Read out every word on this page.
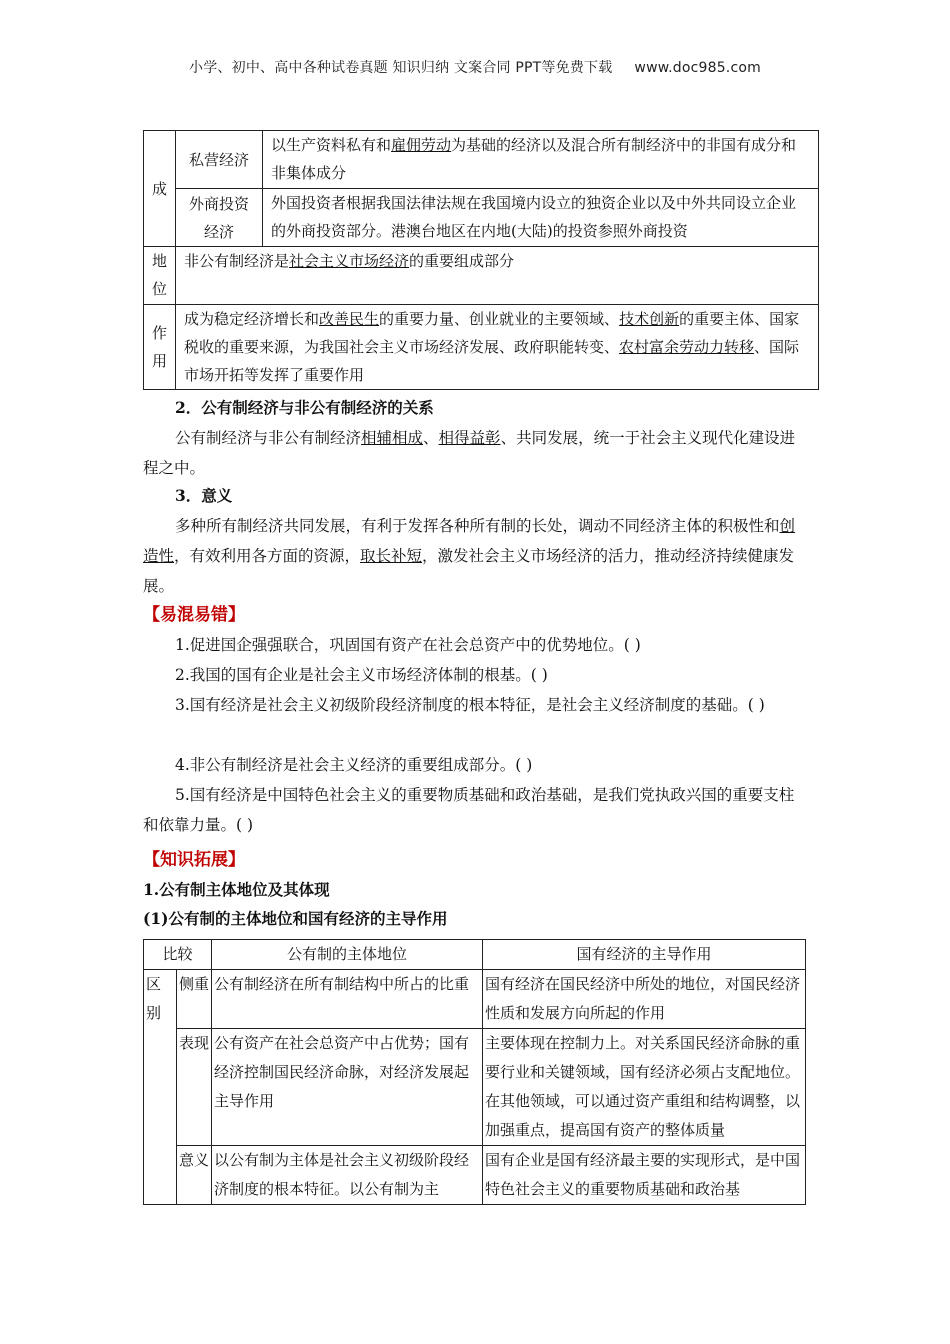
小学、初中、高中各种试卷真题 知识归纳 文案合同 PPT等免费下载 www.doc985.com
成	私营经济	以生产资料私有和雇佣劳动为基础的经济以及混合所有制经济中的非国有成分和非集体成分
	外商投资经济	外国投资者根据我国法律法规在我国境内设立的独资企业以及中外共同设立企业的外商投资部分。港澳台地区在内地(大陆)的投资参照外商投资
地位	非公有制经济是社会主义市场经济的重要组成部分	
作用	成为稳定经济增长和改善民生的重要力量、创业就业的主要领域、技术创新的重要主体、国家税收的重要来源，为我国社会主义市场经济发展、政府职能转变、农村富余劳动力转移、国际市场开拓等发挥了重要作用	
2．公有制经济与非公有制经济的关系
公有制经济与非公有制经济相辅相成、相得益彰、共同发展，统一于社会主义现代化建设进程之中。
3．意义
多种所有制经济共同发展，有利于发挥各种所有制的长处，调动不同经济主体的积极性和创造性，有效利用各方面的资源，取长补短，激发社会主义市场经济的活力，推动经济持续健康发展。
【易混易错】
1.促进国企强强联合，巩固国有资产在社会总资产中的优势地位。( )
2.我国的国有企业是社会主义市场经济体制的根基。( )
3.国有经济是社会主义初级阶段经济制度的根本特征，是社会主义经济制度的基础。( )
4.非公有制经济是社会主义经济的重要组成部分。( )
5.国有经济是中国特色社会主义的重要物质基础和政治基础，是我们党执政兴国的重要支柱和依靠力量。( )
【知识拓展】
1.公有制主体地位及其体现
(1)公有制的主体地位和国有经济的主导作用
比较		公有制的主体地位	国有经济的主导作用
区别	侧重	公有制经济在所有制结构中所占的比重	国有经济在国民经济中所处的地位，对国民经济性质和发展方向所起的作用
	表现	公有资产在社会总资产中占优势；国有经济控制国民经济命脉，对经济发展起主导作用	主要体现在控制力上。对关系国民经济命脉的重要行业和关键领域，国有经济必须占支配地位。在其他领域，可以通过资产重组和结构调整，以加强重点，提高国有资产的整体质量
	意义	以公有制为主体是社会主义初级阶段经济制度的根本特征。以公有制为主	国有企业是国有经济最主要的实现形式，是中国特色社会主义的重要物质基础和政治基
